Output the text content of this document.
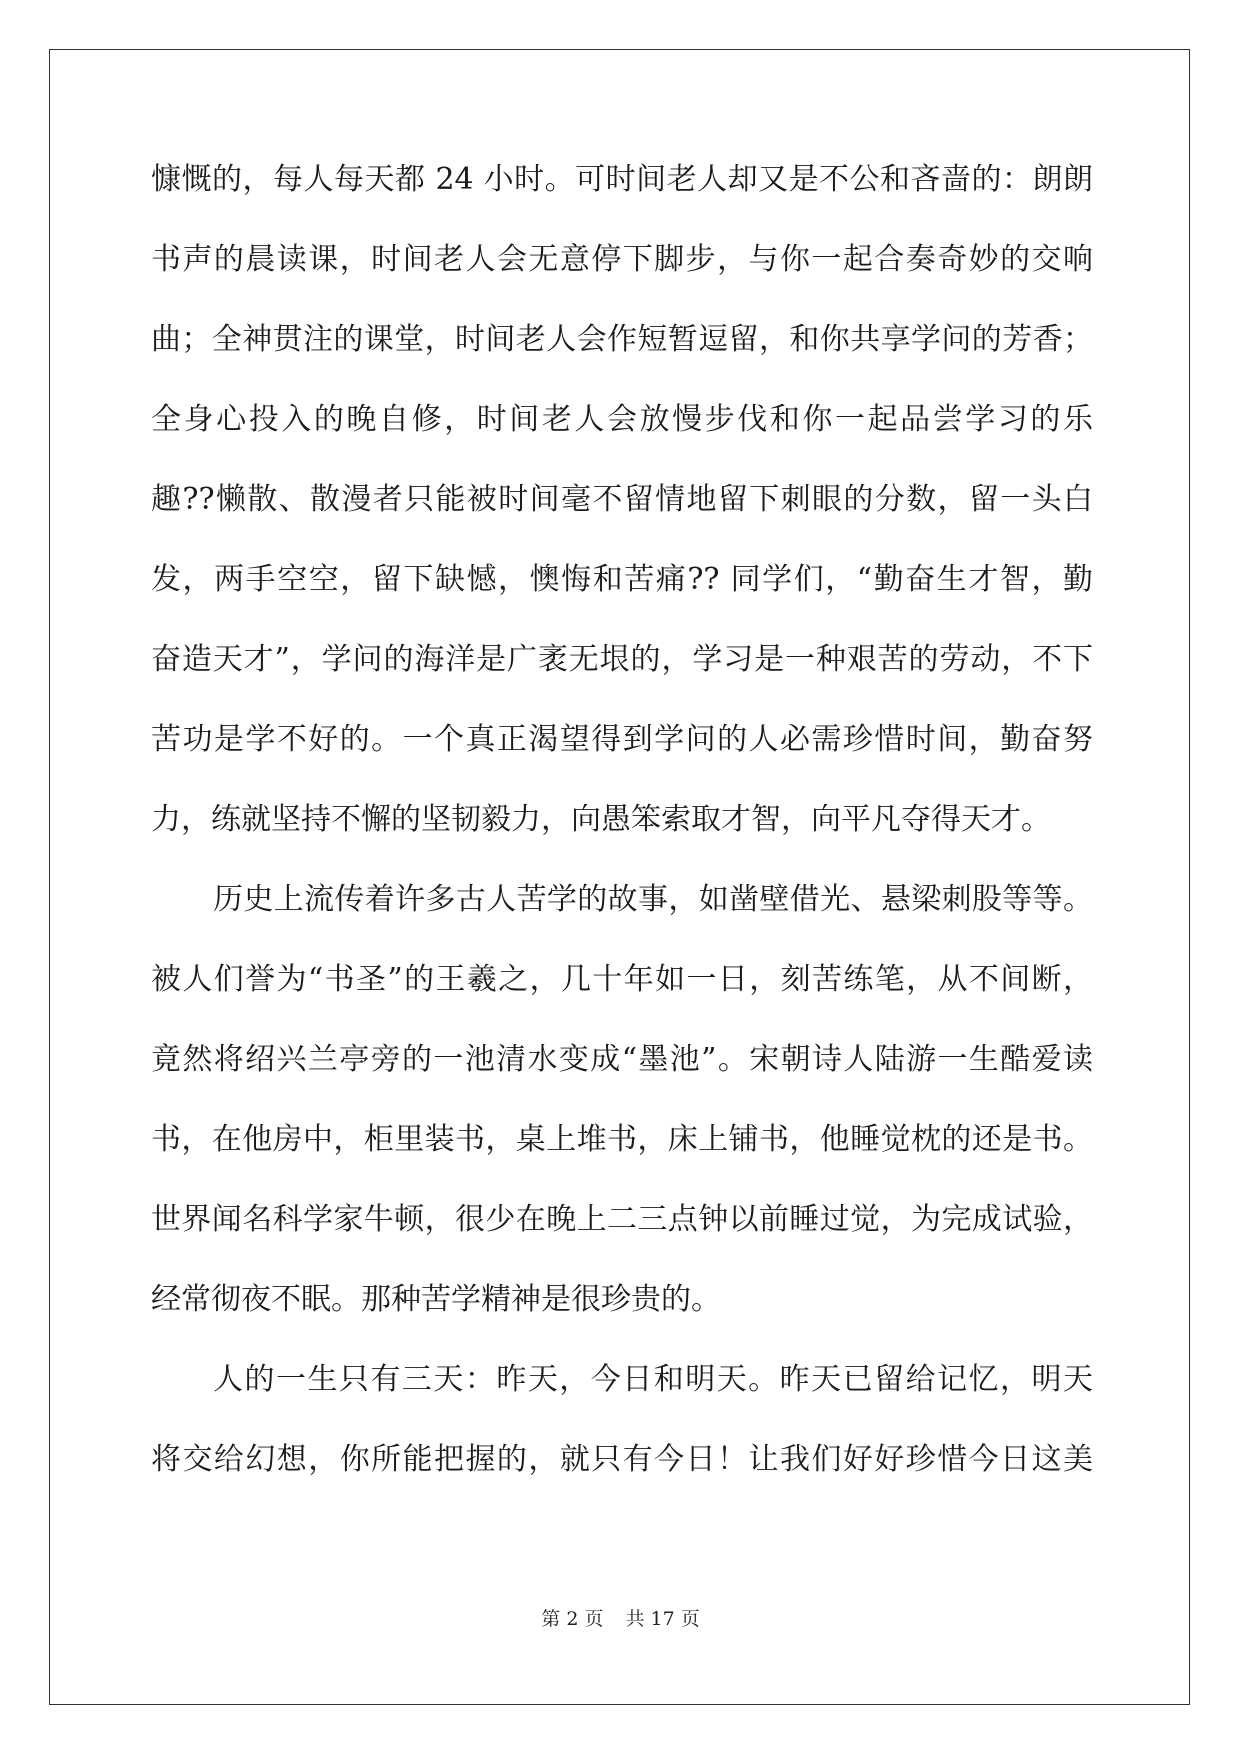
慷慨的，每人每天都 24 小时。可时间老人却又是不公和吝啬的：朗朗
书声的晨读课，时间老人会无意停下脚步，与你一起合奏奇妙的交响
曲；全神贯注的课堂，时间老人会作短暂逗留，和你共享学问的芳香；
全身心投入的晚自修，时间老人会放慢步伐和你一起品尝学习的乐
趣??懒散、散漫者只能被时间毫不留情地留下刺眼的分数，留一头白
发，两手空空，留下缺憾，懊悔和苦痛?? 同学们，“勤奋生才智，勤
奋造天才”，学问的海洋是广袤无垠的，学习是一种艰苦的劳动，不下
苦功是学不好的。一个真正渴望得到学问的人必需珍惜时间，勤奋努
力，练就坚持不懈的坚韧毅力，向愚笨索取才智，向平凡夺得天才。
历史上流传着许多古人苦学的故事，如凿壁借光、悬梁刺股等等。
被人们誉为“书圣”的王羲之，几十年如一日，刻苦练笔，从不间断，
竟然将绍兴兰亭旁的一池清水变成“墨池”。宋朝诗人陆游一生酷爱读
书，在他房中，柜里装书，桌上堆书，床上铺书，他睡觉枕的还是书。
世界闻名科学家牛顿，很少在晚上二三点钟以前睡过觉，为完成试验，
经常彻夜不眠。那种苦学精神是很珍贵的。
人的一生只有三天：昨天，今日和明天。昨天已留给记忆，明天
将交给幻想，你所能把握的，就只有今日！让我们好好珍惜今日这美
第 2 页 共 17 页
